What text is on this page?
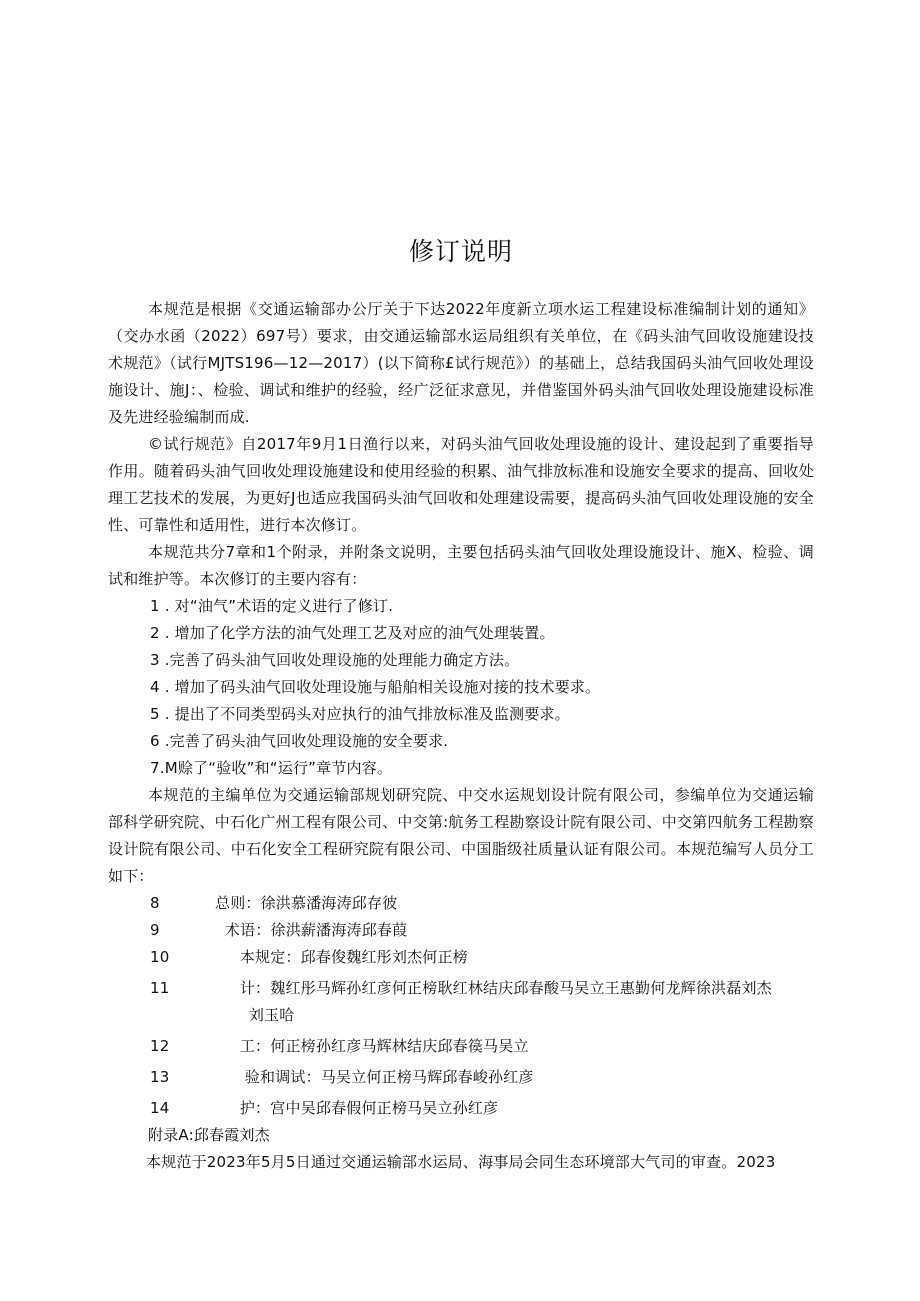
修订说明

本规范是根据《交通运输部办公厅关于下达2022年度新立项水运工程建设标准编制计划的通知》（交办水函（2022）697号）要求，由交通运输部水运局组织有关单位，在《码头油气回收设施建设技术规范》（试行MJTS196—12—2017）(以下简称£试行规范》）的基础上，总结我国码头油气回收处理设施设计、施J：、检验、调试和维护的经验，经广泛征求意见，并借鉴国外码头油气回收处理设施建设标准及先进经验编制而成.

©试行规范》自2017年9月1日渔行以来，对码头油气回收处理设施的设计、建设起到了重要指导作用。随着码头油气回收处理设施建设和使用经验的积累、油气排放标准和设施安全要求的提高、回收处理工艺技术的发展，为更好J也适应我国码头油气回收和处理建设需要，提高码头油气回收处理设施的安全性、可靠性和适用性，进行本次修订。

本规范共分7章和1个附录，并附条文说明，主要包括码头油气回收处理设施设计、施X、检验、调试和维护等。本次修订的主要内容有：

1 . 对“油气”术语的定义进行了修订.

2 . 增加了化学方法的油气处理工艺及对应的油气处理装置。

3 .完善了码头油气回收处理设施的处理能力确定方法。

4 . 增加了码头油气回收处理设施与船舶相关设施对接的技术要求。

5 . 提出了不同类型码头对应执行的油气排放标准及监测要求。

6 .完善了码头油气回收处理设施的安全要求.

7.M赊了“验收”和“运行”章节内容。

本规范的主编单位为交通运输部规划研究院、中交水运规划设计院有限公司，参编单位为交通运输部科学研究院、中石化广州工程有限公司、中交第:航务工程勘察设计院有限公司、中交第四航务工程勘察设计院有限公司、中石化安全工程研究院有限公司、中国脂级社质量认证有限公司。本规范编写人员分工如下：

8	总则：徐洪慕潘海涛邱存彼

9	术语：徐洪薪潘海涛邱春葭

10	本规定：邱春俊魏红彤刘杰何正榜

11	计：魏红彤马辉孙红彦何正榜耿红林结庆邱春酸马吴立王惠勤何龙辉徐洪磊刘杰
刘玉哈

12	工：何正榜孙红彦马辉林结庆邱春篌马吴立

13	验和调试：马吴立何正榜马辉邱春峻孙红彦

14	护：宫中吴邱春假何正榜马吴立孙红彦

附录A:邱春霞刘杰

本规范于2023年5月5日通过交通运输部水运局、海事局会同生态环境部大气司的审查。2023
